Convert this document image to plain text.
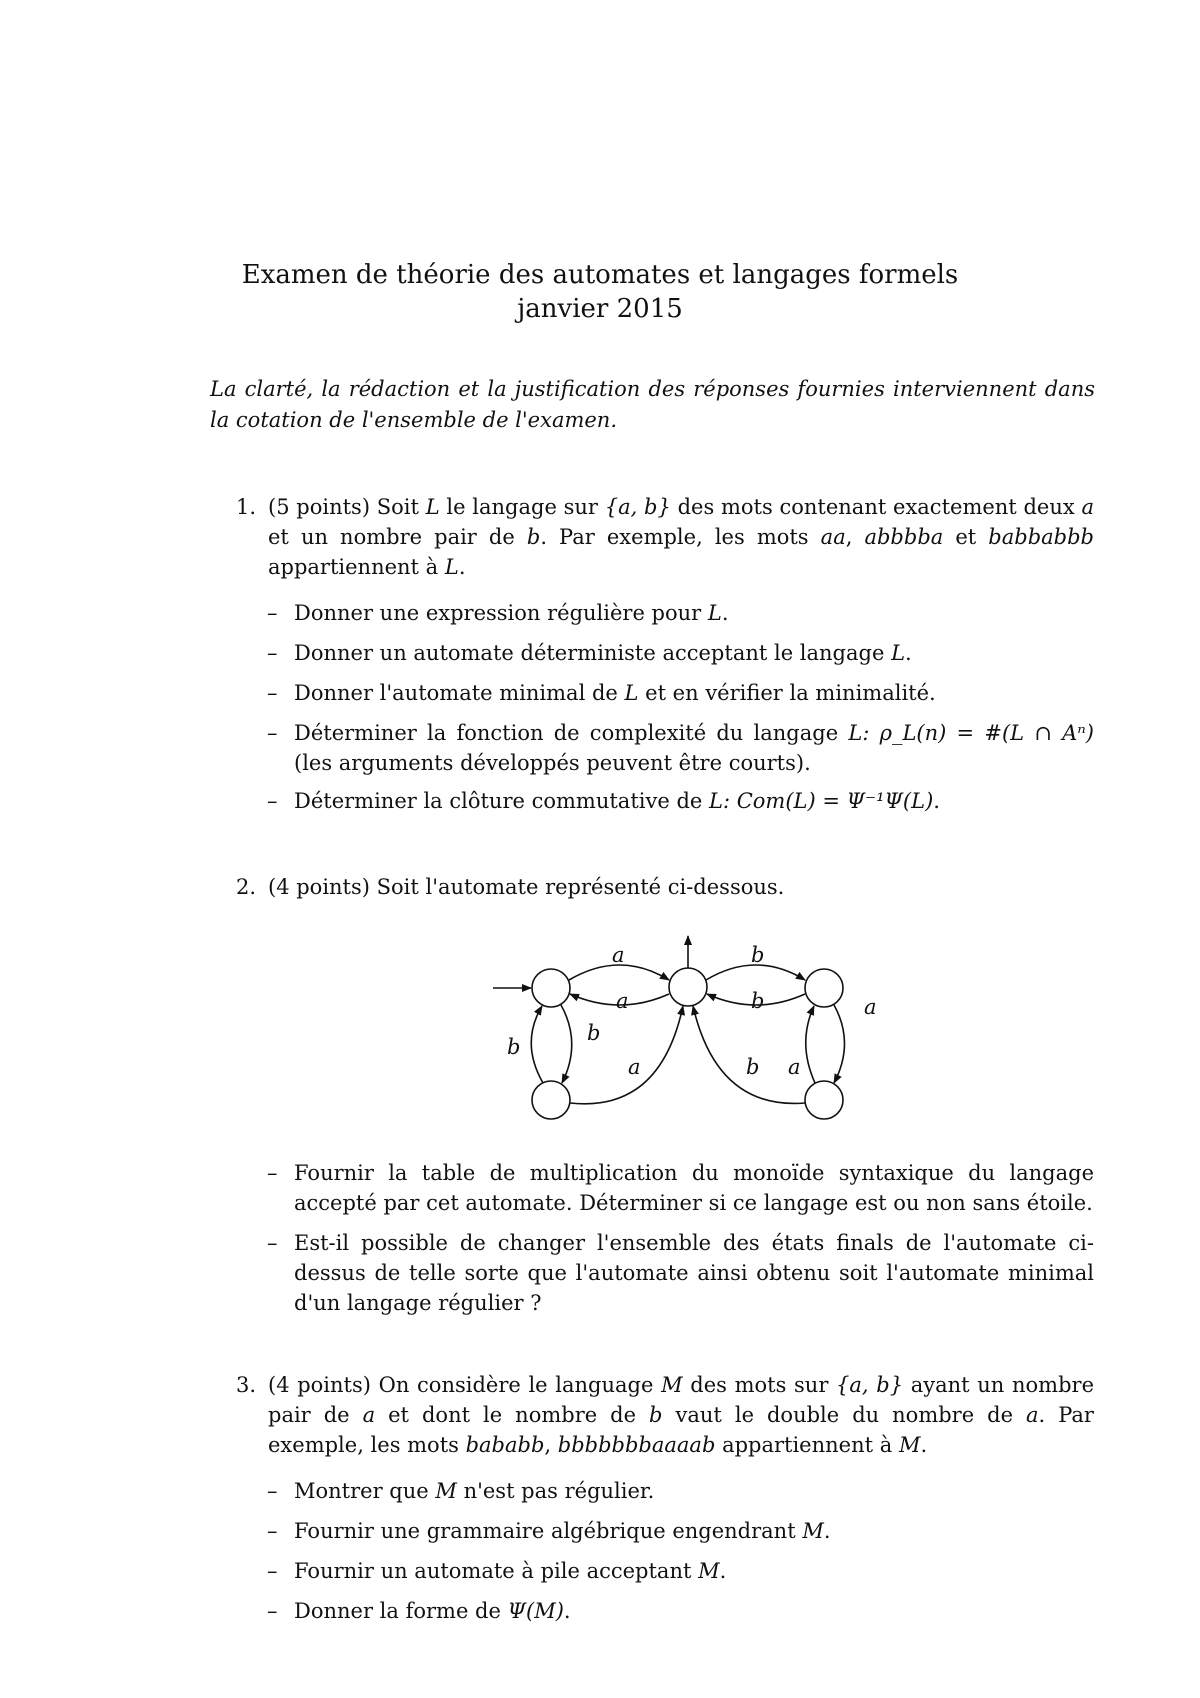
Examen de théorie des automates et langages formels
janvier 2015
La clarté, la rédaction et la justification des réponses fournies interviennent dans la cotation de l'ensemble de l'examen.
1. (5 points) Soit L le langage sur {a, b} des mots contenant exactement deux a et un nombre pair de b. Par exemple, les mots aa, abbbba et babbabbb appartiennent à L.
– Donner une expression régulière pour L.
– Donner un automate déterministe acceptant le langage L.
– Donner l'automate minimal de L et en vérifier la minimalité.
– Déterminer la fonction de complexité du langage L: ρ_L(n) = #(L ∩ Aⁿ) (les arguments développés peuvent être courts).
– Déterminer la clôture commutative de L: Com(L) = Ψ⁻¹Ψ(L).
2. (4 points) Soit l'automate représenté ci-dessous.
a
a
b
b	a
b
b
a	b a
– Fournir la table de multiplication du monoïde syntaxique du langage accepté par cet automate. Déterminer si ce langage est ou non sans étoile.
– Est-il possible de changer l'ensemble des états finals de l'automate ci-dessus de telle sorte que l'automate ainsi obtenu soit l'automate minimal d'un langage régulier ?
3. (4 points) On considère le language M des mots sur {a, b} ayant un nombre pair de a et dont le nombre de b vaut le double du nombre de a. Par exemple, les mots bababb, bbbbbbbaaaab appartiennent à M.
– Montrer que M n'est pas régulier.
– Fournir une grammaire algébrique engendrant M.
– Fournir un automate à pile acceptant M.
– Donner la forme de Ψ(M).
